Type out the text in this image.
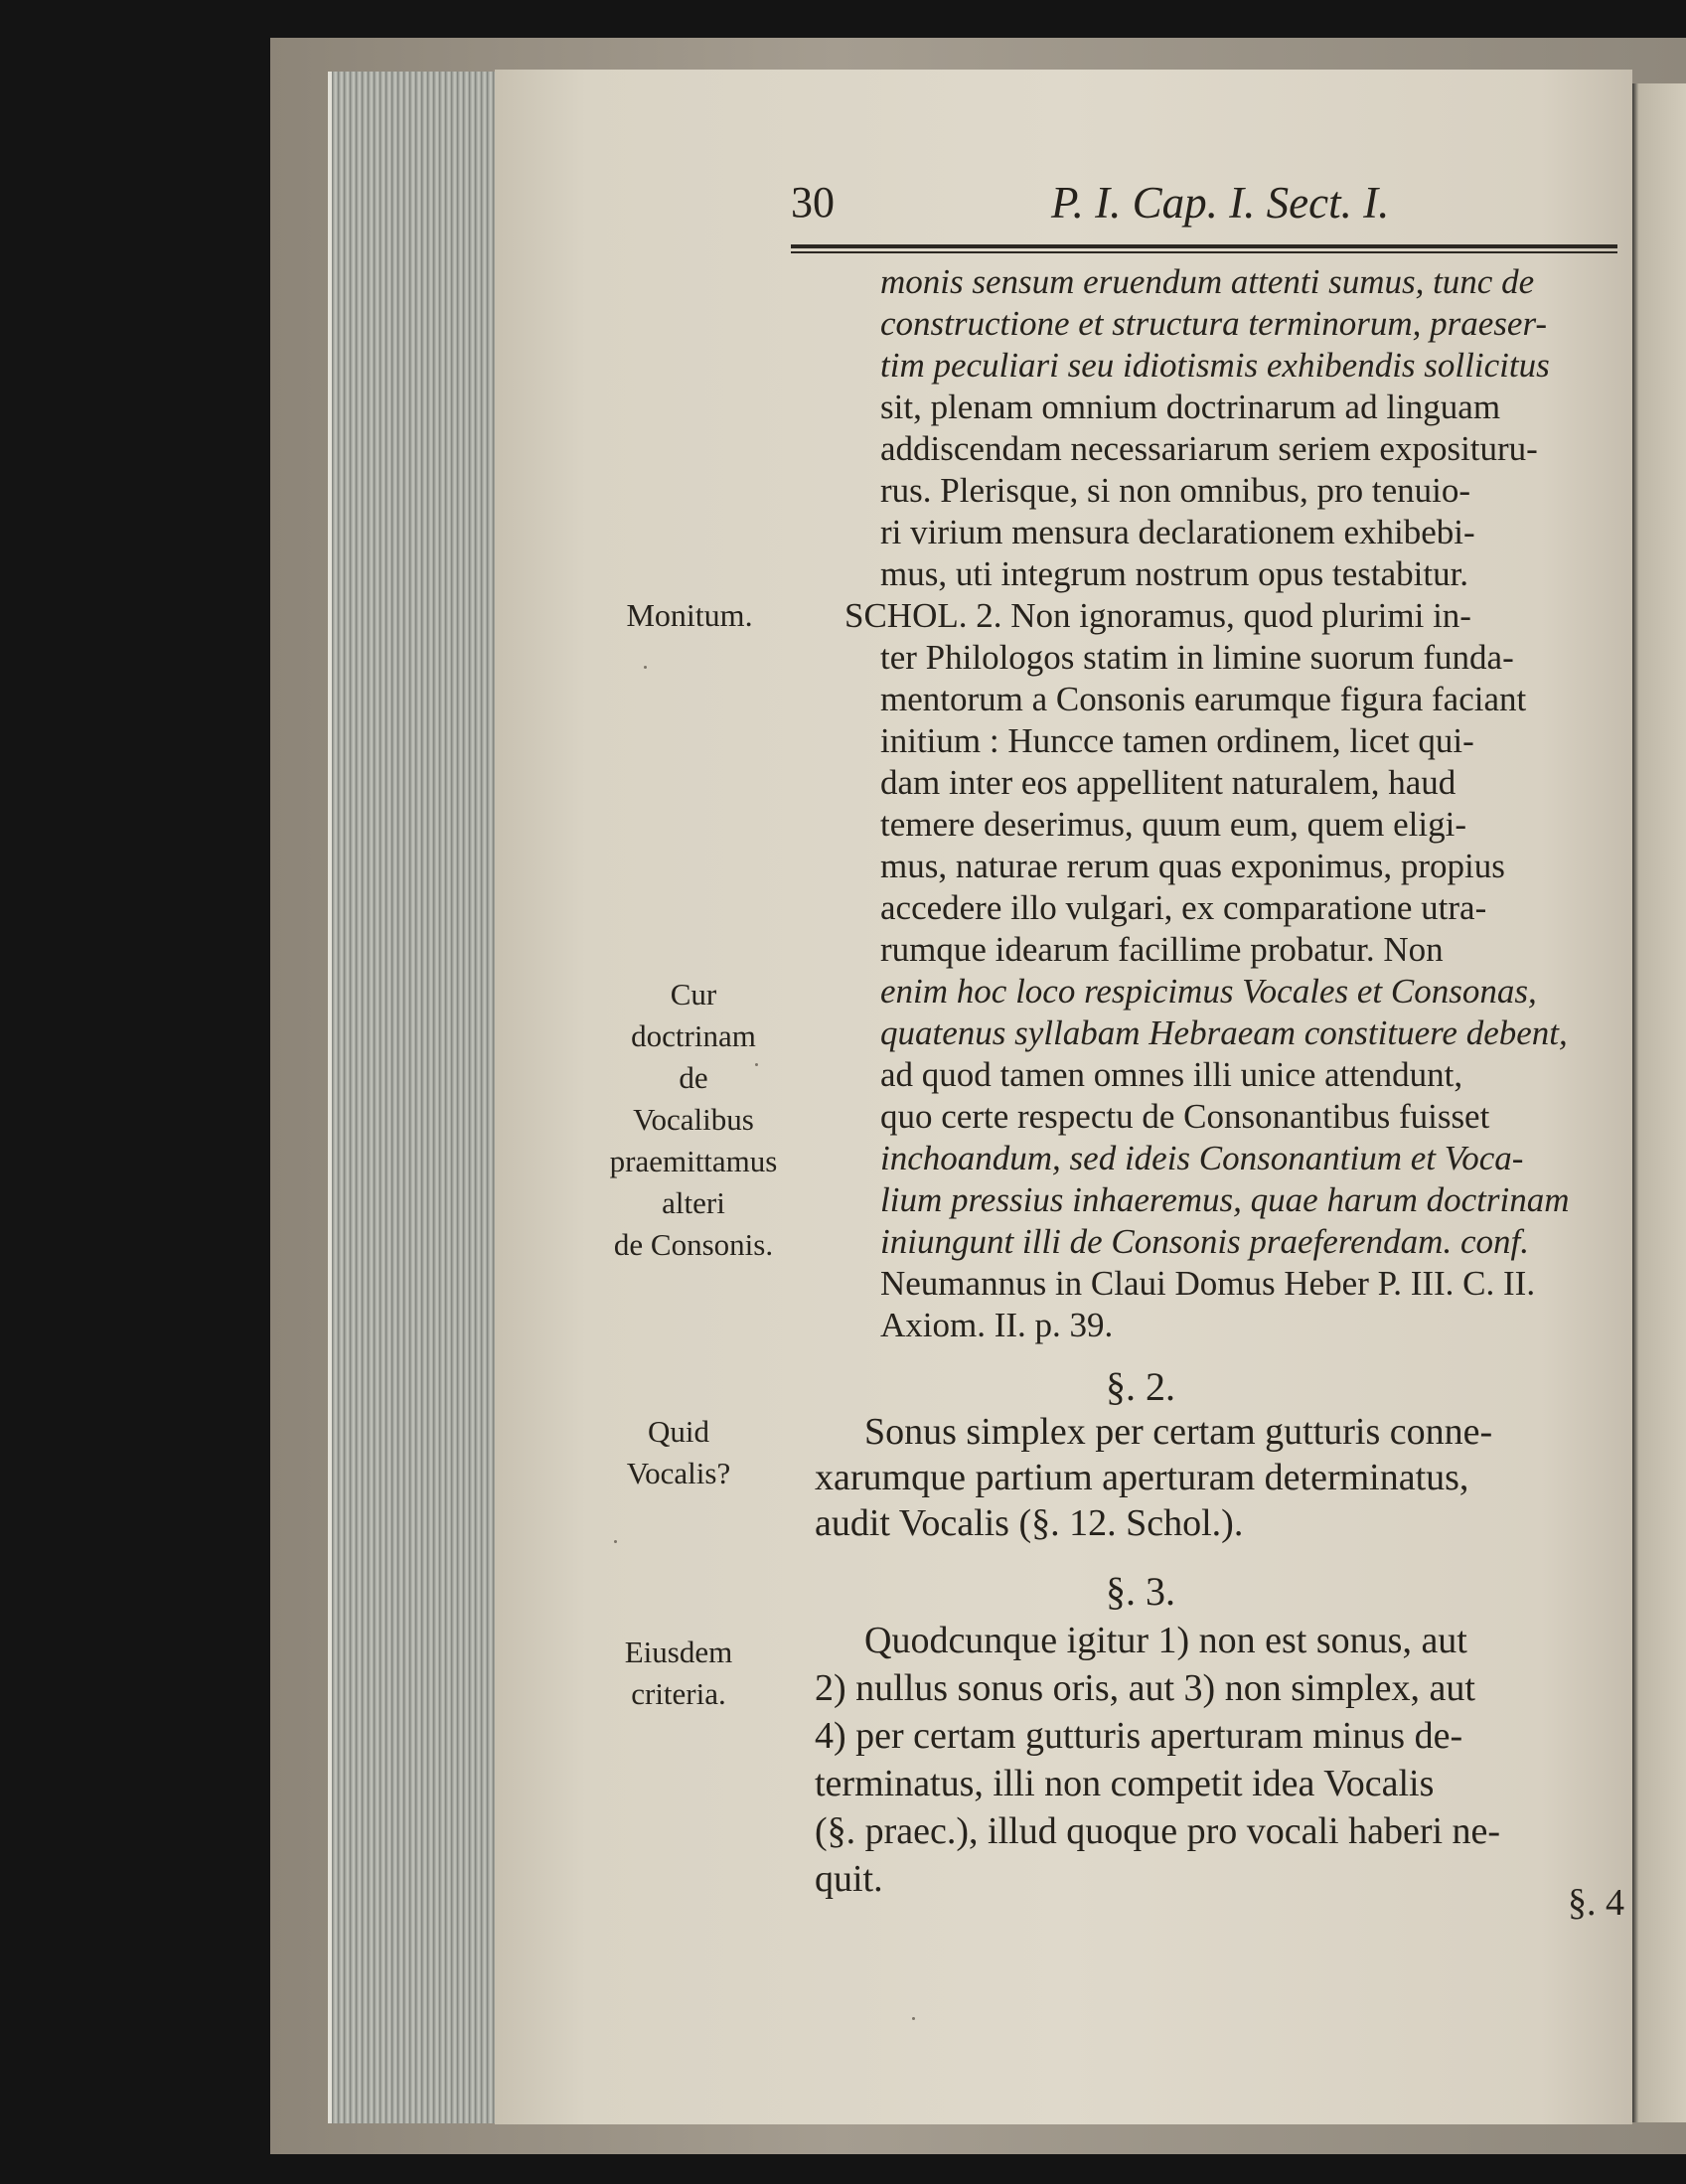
30	P. I. Cap. I. Sect. I.
Monitum.
Cur
doctrinam
de
Vocalibus
praemittamus
alteri
de Consonis.
Quid
Vocalis?
Eiusdem
criteria.
monis sensum eruendum attenti sumus, tunc de
constructione et structura terminorum, praeser-
tim peculiari seu idiotismis exhibendis sollicitus
sit, plenam omnium doctrinarum ad linguam
addiscendam necessariarum seriem exposituru-
rus. Plerisque, si non omnibus, pro tenuio-
ri virium mensura declarationem exhibebi-
mus, uti integrum nostrum opus testabitur.
SCHOL. 2. Non ignoramus, quod plurimi in-
ter Philologos statim in limine suorum funda-
mentorum a Consonis earumque figura faciant
initium : Huncce tamen ordinem, licet qui-
dam inter eos appellitent naturalem, haud
temere deserimus, quum eum, quem eligi-
mus, naturae rerum quas exponimus, propius
accedere illo vulgari, ex comparatione utra-
rumque idearum facillime probatur. Non
enim hoc loco respicimus Vocales et Consonas,
quatenus syllabam Hebraeam constituere debent,
ad quod tamen omnes illi unice attendunt,
quo certe respectu de Consonantibus fuisset
inchoandum, sed ideis Consonantium et Voca-
lium pressius inhaeremus, quae harum doctrinam
iniungunt illi de Consonis praeferendam. conf.
Neumannus in Claui Domus Heber P. III. C. II.
Axiom. II. p. 39.
§. 2.
Sonus simplex per certam gutturis conne-
xarumque partium aperturam determinatus,
audit Vocalis (§. 12. Schol.).
§. 3.
Quodcunque igitur 1) non est sonus, aut
2) nullus sonus oris, aut 3) non simplex, aut
4) per certam gutturis aperturam minus de-
terminatus, illi non competit idea Vocalis
(§. praec.), illud quoque pro vocali haberi ne-
quit.
§. 4
